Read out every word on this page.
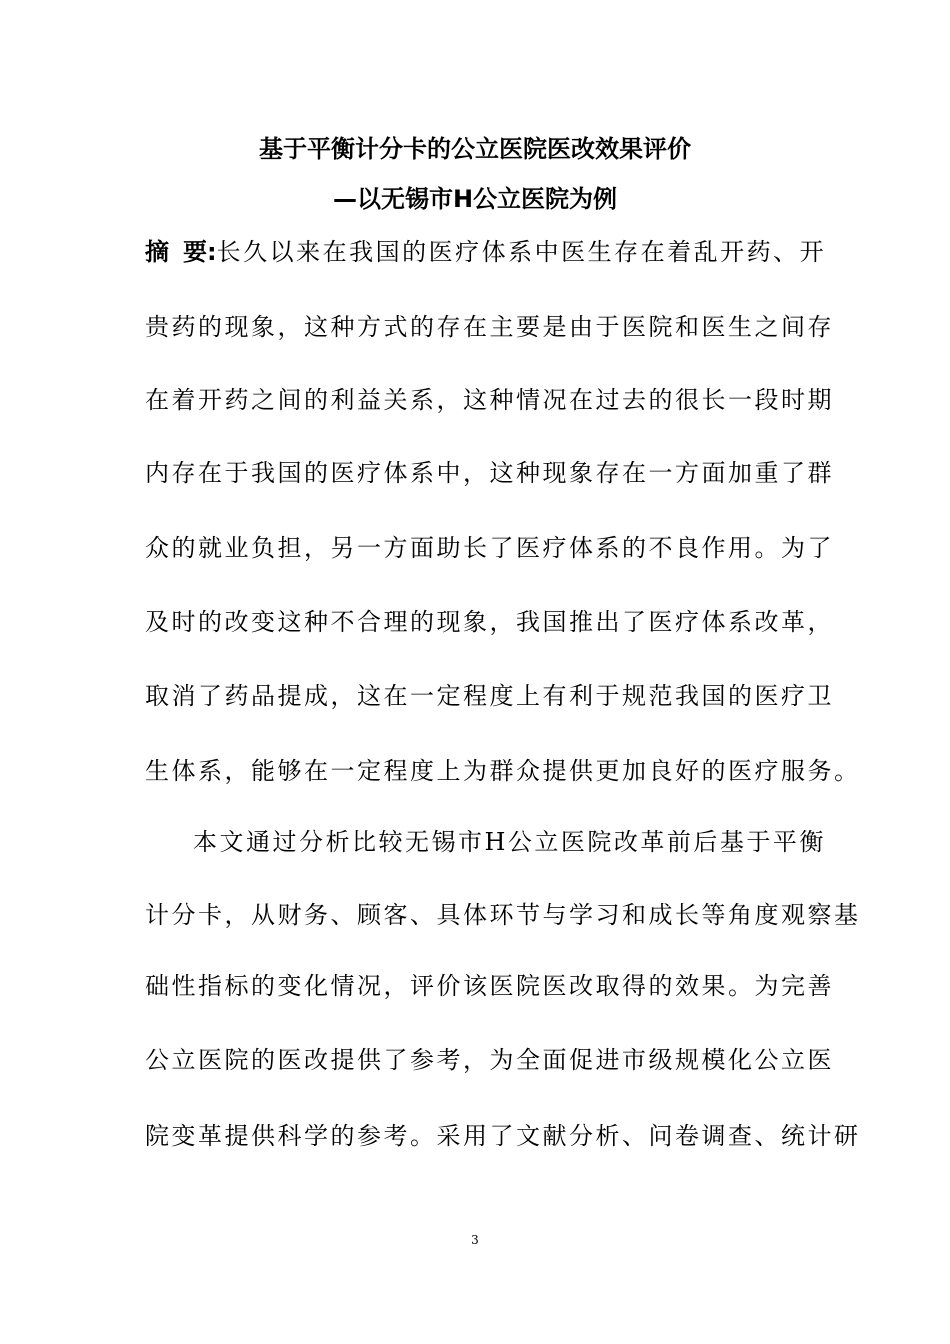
基于平衡计分卡的公立医院医改效果评价
—以无锡市H公立医院为例
摘 要:长久以来在我国的医疗体系中医生存在着乱开药、开
贵药的现象，这种方式的存在主要是由于医院和医生之间存
在着开药之间的利益关系，这种情况在过去的很长一段时期
内存在于我国的医疗体系中，这种现象存在一方面加重了群
众的就业负担，另一方面助长了医疗体系的不良作用。为了
及时的改变这种不合理的现象，我国推出了医疗体系改革，
取消了药品提成，这在一定程度上有利于规范我国的医疗卫
生体系，能够在一定程度上为群众提供更加良好的医疗服务。
本文通过分析比较无锡市H公立医院改革前后基于平衡
计分卡，从财务、顾客、具体环节与学习和成长等角度观察基
础性指标的变化情况，评价该医院医改取得的效果。为完善
公立医院的医改提供了参考，为全面促进市级规模化公立医
院变革提供科学的参考。采用了文献分析、问卷调查、统计研
3
